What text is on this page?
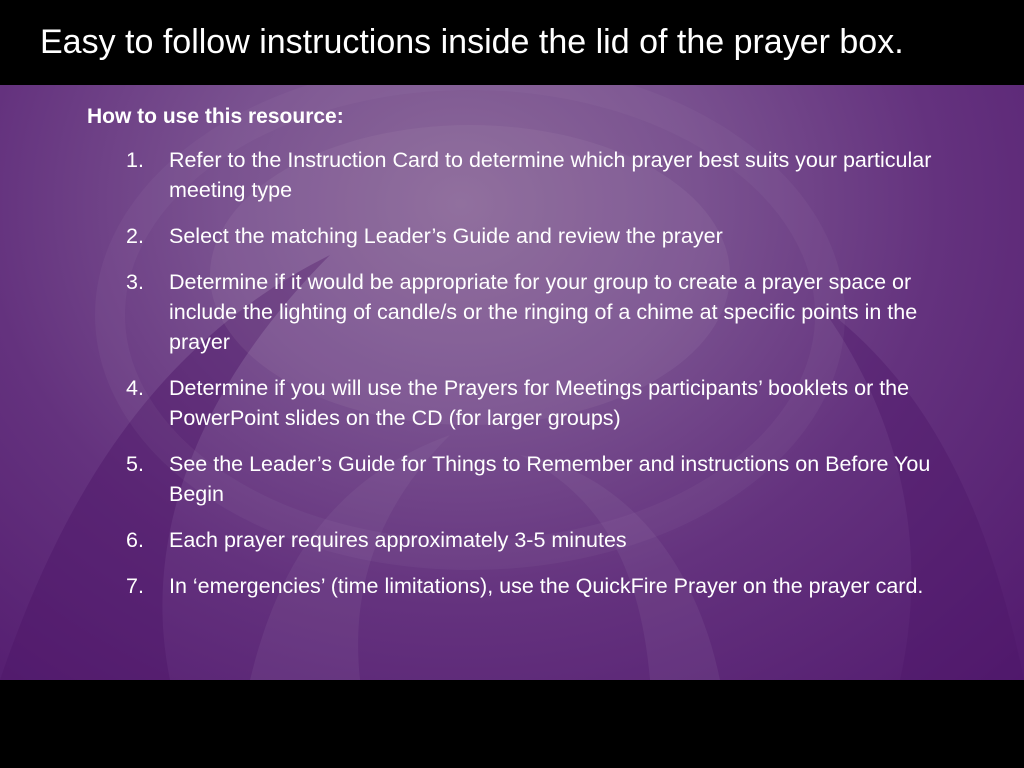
Easy to follow instructions inside the lid of the prayer box.
How to use this resource:
1. Refer to the Instruction Card to determine which prayer best suits your particular meeting type
2. Select the matching Leader’s Guide and review the prayer
3. Determine if it would be appropriate for your group to create a prayer space or include the lighting of candle/s or the ringing of a chime at specific points in the prayer
4. Determine if you will use the Prayers for Meetings participants’ booklets or the PowerPoint slides on the CD (for larger groups)
5. See the Leader’s Guide for Things to Remember and instructions on Before You Begin
6. Each prayer requires approximately 3-5 minutes
7. In ‘emergencies’ (time limitations), use the QuickFire Prayer on the prayer card.
